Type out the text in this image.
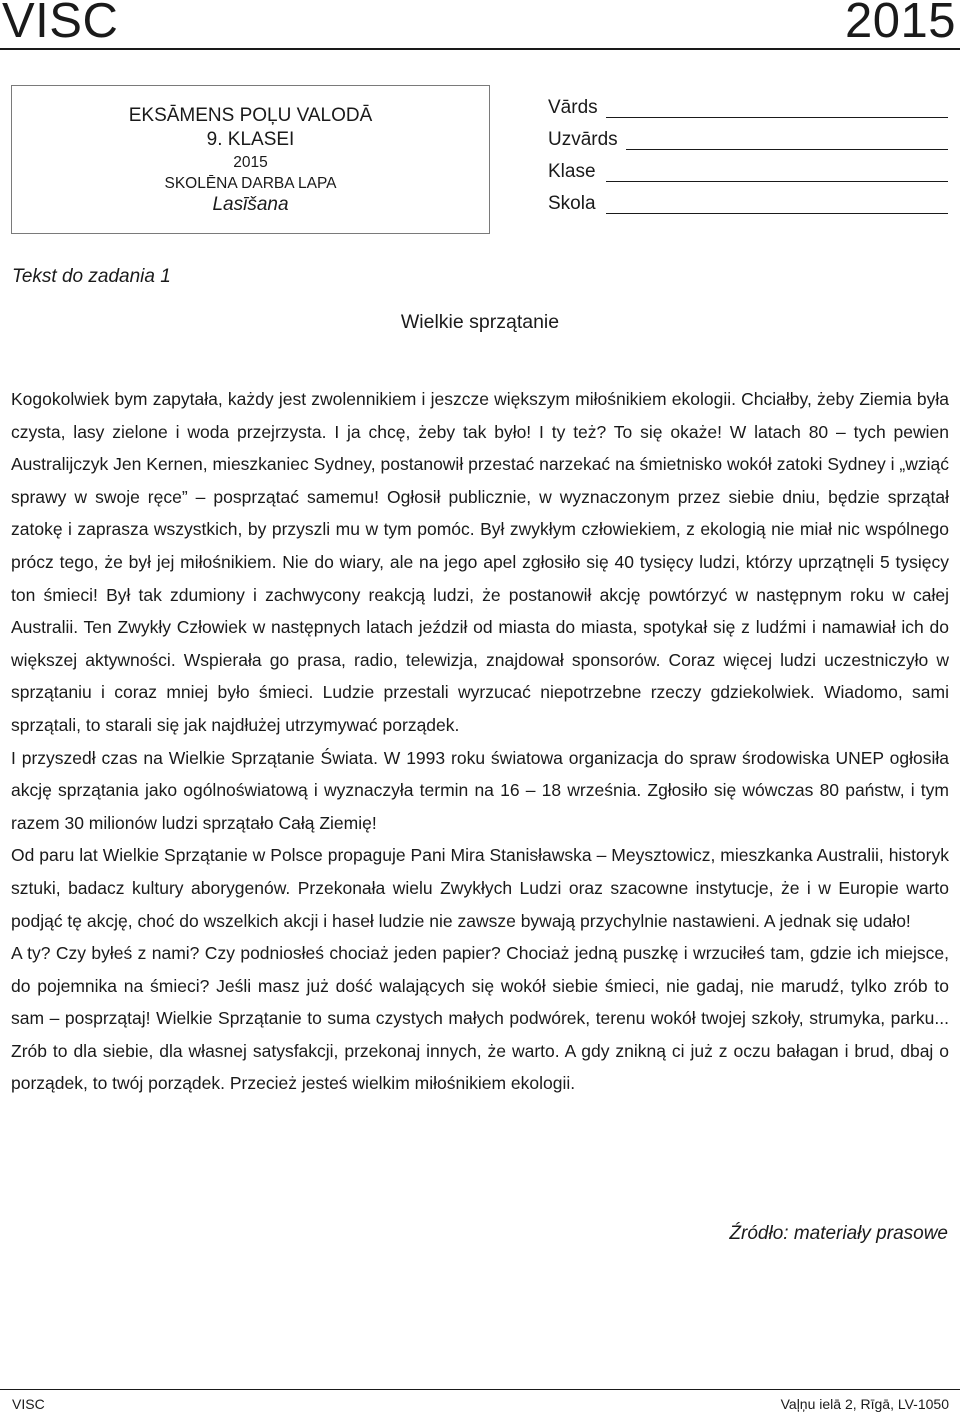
VISC	2015
EKSĀMENS POĻU VALODĀ
9. KLASEI
2015
SKOLĒNA DARBA LAPA
Lasīšana
Vārds
Uzvārds
Klase
Skola
Tekst do zadania 1
Wielkie sprzątanie

Kogokolwiek bym zapytała, każdy jest zwolennikiem i jeszcze większym miłośnikiem ekologii. Chciałby, żeby Ziemia była czysta, lasy zielone i woda przejrzysta. I ja chcę, żeby tak było! I ty też? To się okaże! W latach 80 – tych pewien Australijczyk Jen Kernen, mieszkaniec Sydney, postanowił przestać narzekać na śmietnisko wokół zatoki Sydney i „wziąć sprawy w swoje ręce” – posprzątać samemu! Ogłosił publicznie, w wyznaczonym przez siebie dniu, będzie sprzątał zatokę i zaprasza wszystkich, by przyszli mu w tym pomóc. Był zwykłym człowiekiem, z ekologią nie miał nic wspólnego prócz tego, że był jej miłośnikiem. Nie do wiary, ale na jego apel zgłosiło się 40 tysięcy ludzi, którzy uprzątnęli 5 tysięcy ton śmieci! Był tak zdumiony i zachwycony reakcją ludzi, że postanowił akcję powtórzyć w następnym roku w całej Australii. Ten Zwykły Człowiek w następnych latach jeździł od miasta do miasta, spotykał się z ludźmi i namawiał ich do większej aktywności. Wspierała go prasa, radio, telewizja, znajdował sponsorów. Coraz więcej ludzi uczestniczyło w sprzątaniu i coraz mniej było śmieci. Ludzie przestali wyrzucać niepotrzebne rzeczy gdziekolwiek. Wiadomo, sami sprzątali, to starali się jak najdłużej utrzymywać porządek.

I przyszedł czas na Wielkie Sprzątanie Świata. W 1993 roku światowa organizacja do spraw środowiska UNEP ogłosiła akcję sprzątania jako ogólnoświatową i wyznaczyła termin na 16 – 18 września. Zgłosiło się wówczas 80 państw, i tym razem 30 milionów ludzi sprzątało Całą Ziemię!

Od paru lat Wielkie Sprzątanie w Polsce propaguje Pani Mira Stanisławska – Meysztowicz, mieszkanka Australii, historyk sztuki, badacz kultury aborygenów. Przekonała wielu Zwykłych Ludzi oraz szacowne instytucje, że i w Europie warto podjąć tę akcję, choć do wszelkich akcji i haseł ludzie nie zawsze bywają przychylnie nastawieni. A jednak się udało!

A ty? Czy byłeś z nami? Czy podniosłeś chociaż jeden papier? Chociaż jedną puszkę i wrzuciłeś tam, gdzie ich miejsce, do pojemnika na śmieci? Jeśli masz już dość walających się wokół siebie śmieci, nie gadaj, nie marudź, tylko zrób to sam – posprzątaj! Wielkie Sprzątanie to suma czystych małych podwórek, terenu wokół twojej szkoły, strumyka, parku... Zrób to dla siebie, dla własnej satysfakcji, przekonaj innych, że warto. A gdy znikną ci już z oczu bałagan i brud, dbaj o porządek, to twój porządek. Przecież jesteś wielkim miłośnikiem ekologii.

Źródło: materiały prasowe
VISC	Vaļņu ielā 2, Rīgā, LV-1050
